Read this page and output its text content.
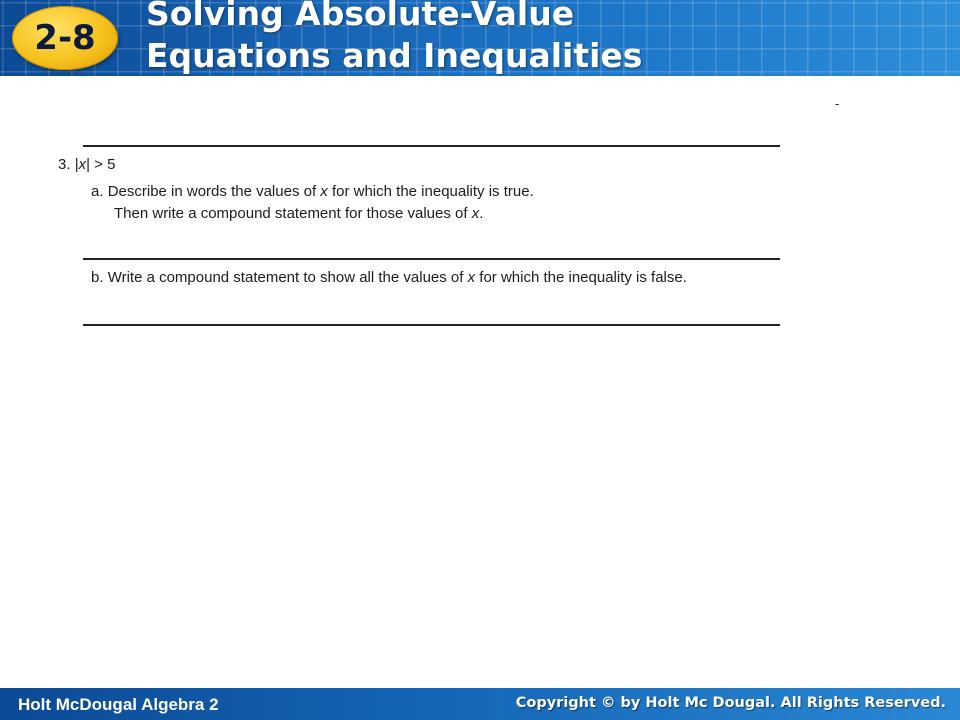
2-8
Solving Absolute-Value
Equations and Inequalities
-
3. |x| > 5
a. Describe in words the values of x for which the inequality is true.
Then write a compound statement for those values of x.
b. Write a compound statement to show all the values of x for which the inequality is false.
Holt McDougal Algebra 2	Copyright © by Holt Mc Dougal. All Rights Reserved.
